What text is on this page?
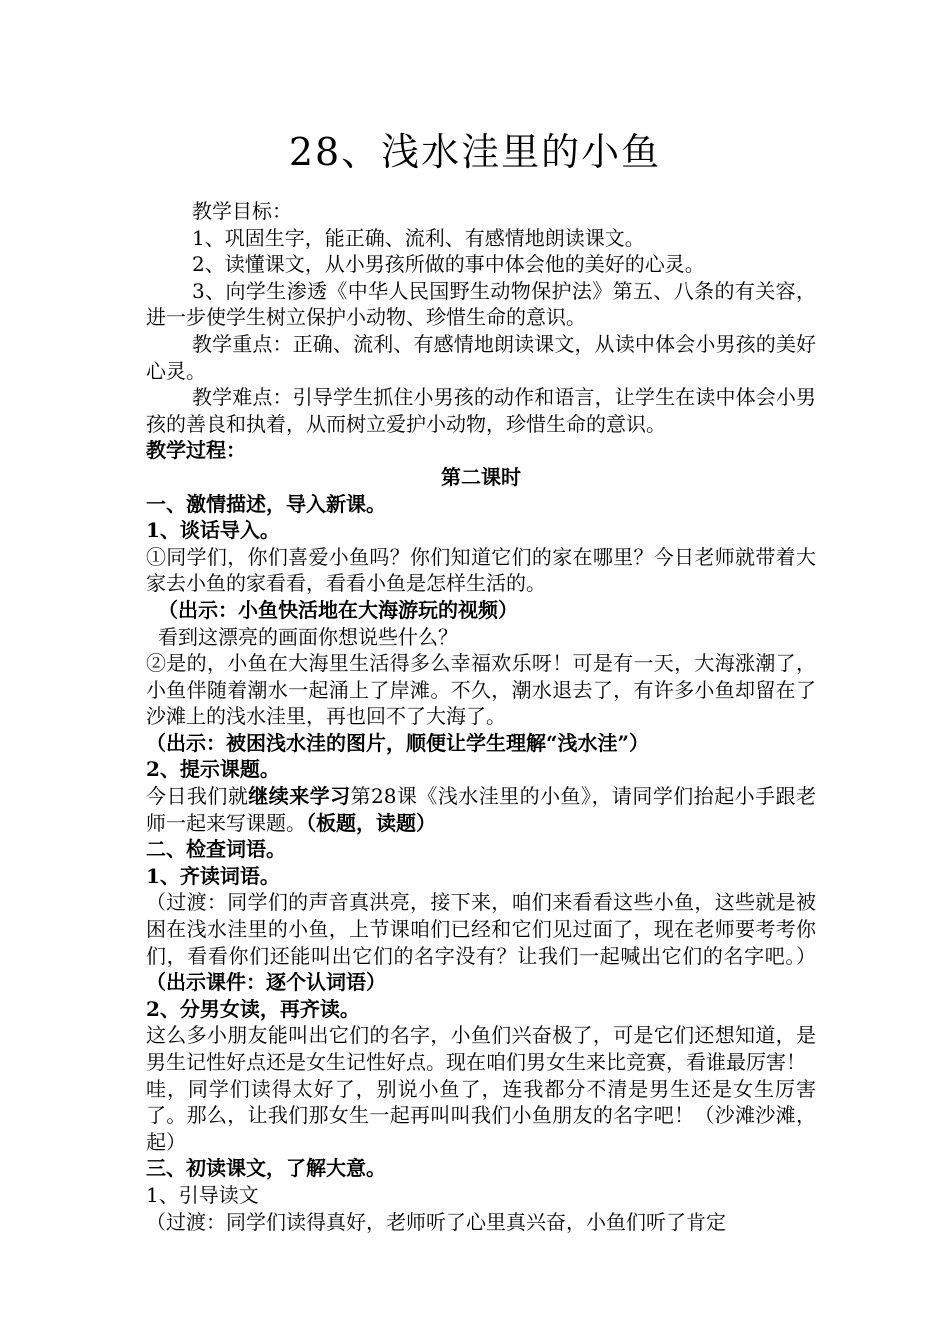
28、浅水洼里的小鱼

教学目标：

1、巩固生字，能正确、流利、有感情地朗读课文。

2、读懂课文，从小男孩所做的事中体会他的美好的心灵。

3、向学生渗透《中华人民国野生动物保护法》第五、八条的有关容，进一步使学生树立保护小动物、珍惜生命的意识。

教学重点：正确、流利、有感情地朗读课文，从读中体会小男孩的美好心灵。

教学难点：引导学生抓住小男孩的动作和语言，让学生在读中体会小男孩的善良和执着，从而树立爱护小动物，珍惜生命的意识。

教学过程：

第二课时

一、激情描述，导入新课。

1、谈话导入。

①同学们，你们喜爱小鱼吗？你们知道它们的家在哪里？今日老师就带着大家去小鱼的家看看，看看小鱼是怎样生活的。

（出示：小鱼快活地在大海游玩的视频）

看到这漂亮的画面你想说些什么？

②是的，小鱼在大海里生活得多么幸福欢乐呀！可是有一天，大海涨潮了，小鱼伴随着潮水一起涌上了岸滩。不久，潮水退去了，有许多小鱼却留在了沙滩上的浅水洼里，再也回不了大海了。

（出示：被困浅水洼的图片，顺便让学生理解“浅水洼”）

2、提示课题。

今日我们就继续来学习第28课《浅水洼里的小鱼》，请同学们抬起小手跟老师一起来写课题。（板题，读题）

二、检查词语。

1、齐读词语。

（过渡：同学们的声音真洪亮，接下来，咱们来看看这些小鱼，这些就是被困在浅水洼里的小鱼，上节课咱们已经和它们见过面了，现在老师要考考你们，看看你们还能叫出它们的名字没有？让我们一起喊出它们的名字吧。）（出示课件：逐个认词语）

2、分男女读，再齐读。

这么多小朋友能叫出它们的名字，小鱼们兴奋极了，可是它们还想知道，是男生记性好点还是女生记性好点。现在咱们男女生来比竞赛，看谁最厉害！

哇，同学们读得太好了，别说小鱼了，连我都分不清是男生还是女生厉害了。那么，让我们那女生一起再叫叫我们小鱼朋友的名字吧！（沙滩沙滩，起）

三、初读课文，了解大意。

1、引导读文

（过渡：同学们读得真好，老师听了心里真兴奋，小鱼们听了肯定
